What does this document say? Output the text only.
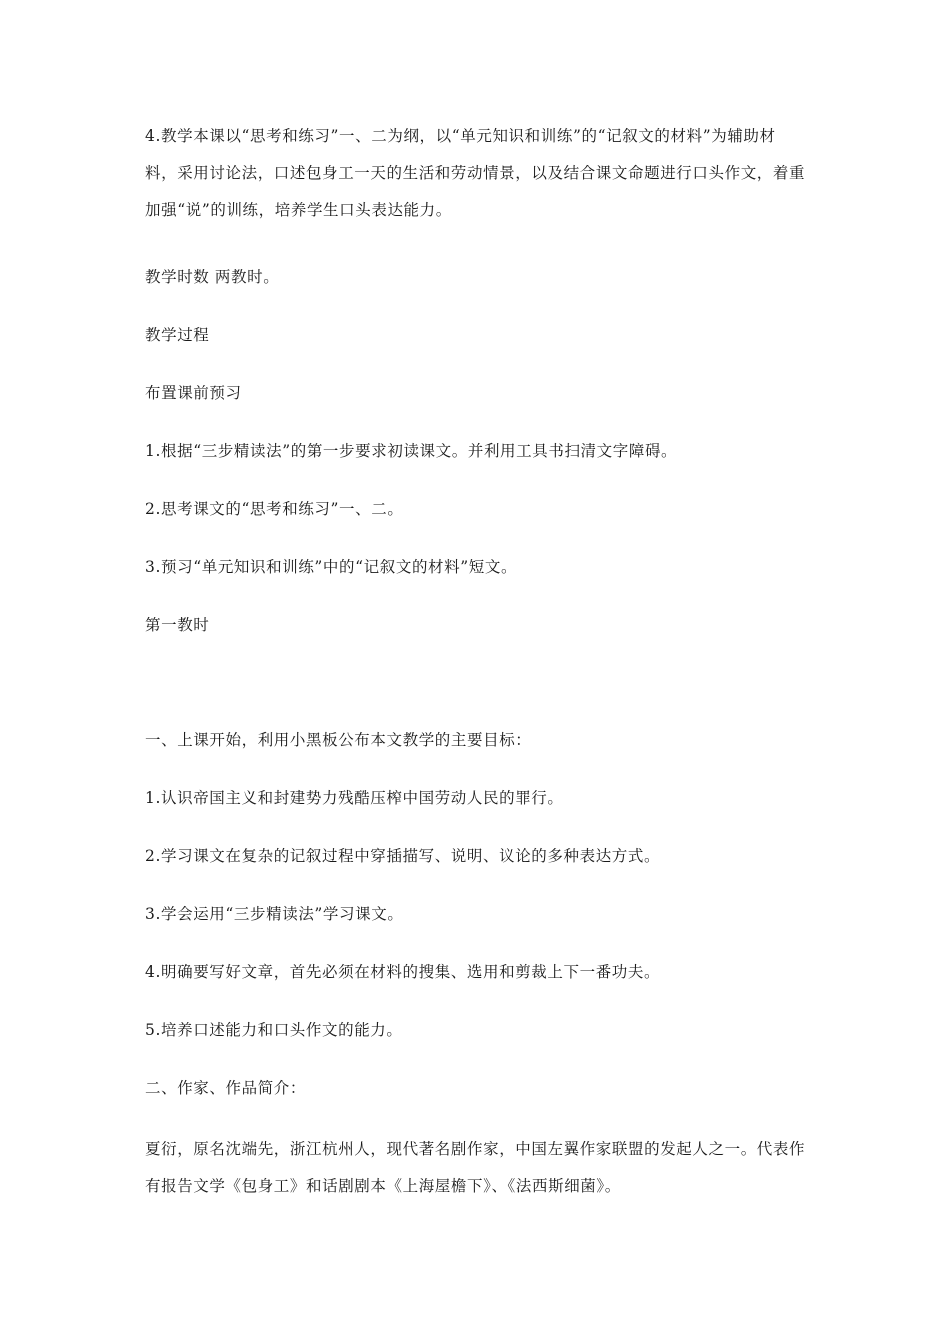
4.教学本课以“思考和练习”一、二为纲，以“单元知识和训练”的“记叙文的材料”为辅助材料，采用讨论法，口述包身工一天的生活和劳动情景，以及结合课文命题进行口头作文，着重加强“说”的训练，培养学生口头表达能力。

教学时数 两教时。

教学过程

布置课前预习

1.根据“三步精读法”的第一步要求初读课文。并利用工具书扫清文字障碍。

2.思考课文的“思考和练习”一、二。

3.预习“单元知识和训练”中的“记叙文的材料”短文。

第一教时

一、上课开始，利用小黑板公布本文教学的主要目标：

1.认识帝国主义和封建势力残酷压榨中国劳动人民的罪行。

2.学习课文在复杂的记叙过程中穿插描写、说明、议论的多种表达方式。

3.学会运用“三步精读法”学习课文。

4.明确要写好文章，首先必须在材料的搜集、选用和剪裁上下一番功夫。

5.培养口述能力和口头作文的能力。

二、作家、作品简介：

夏衍，原名沈端先，浙江杭州人，现代著名剧作家，中国左翼作家联盟的发起人之一。代表作有报告文学《包身工》和话剧剧本《上海屋檐下》、《法西斯细菌》。
